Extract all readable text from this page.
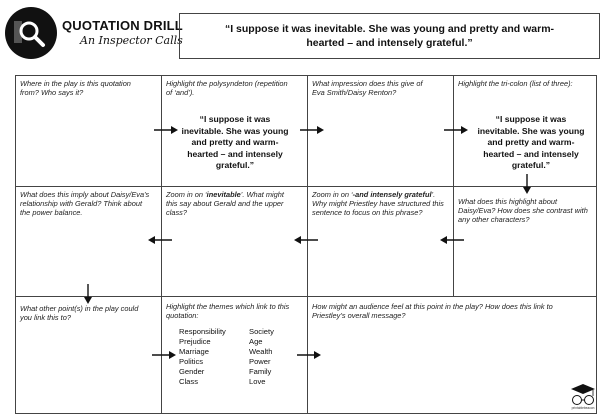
QUOTATION DRILL
An Inspector Calls
“I suppose it was inevitable. She was young and pretty and warm-hearted – and intensely grateful.”
Where in the play is this quotation from? Who says it?
Highlight the polysyndeton (repetition of ‘and’).
“I suppose it was inevitable. She was young and pretty and warm-hearted – and intensely grateful.”
What impression does this give of Eva Smith/Daisy Renton?
Highlight the tri-colon (list of three):
“I suppose it was inevitable. She was young and pretty and warm-hearted – and intensely grateful.”
What does this imply about Daisy/Eva’s relationship with Gerald? Think about the power balance.
Zoom in on ‘inevitable’. What might this say about Gerald and the upper class?
Zoom in on ‘-and intensely grateful’. Why might Priestley have structured this sentence to focus on this phrase?
What does this highlight about Daisy/Eva? How does she contrast with any other characters?
What other point(s) in the play could you link this to?
Highlight the themes which link to this quotation:
How might an audience feel at this point in the play? How does this link to Priestley’s overall message?
Responsibility
Prejudice
Marriage
Politics
Gender
Class
Society
Age
Wealth
Power
Family
Love
printablebeacon
